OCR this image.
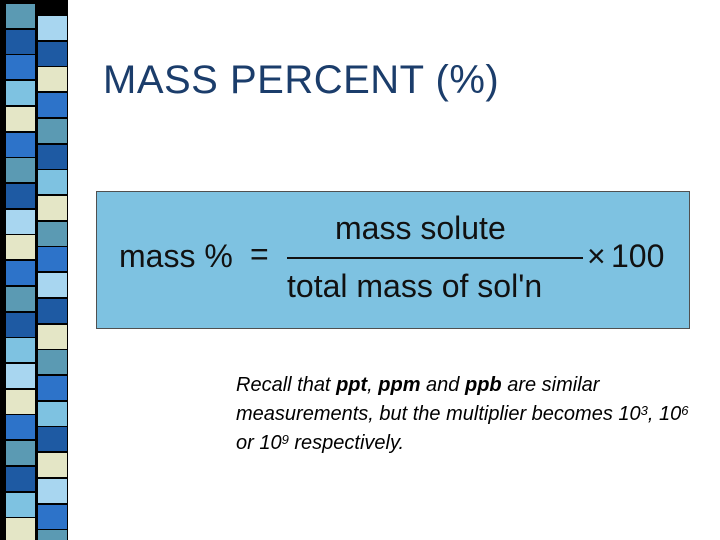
MASS PERCENT (%)
mass % =
mass solute
total mass of sol'n
× 100

Recall that ppt, ppm and ppb are similar measurements, but the multiplier becomes $10^3$, $10^6$ or $10^9$ respectively.
